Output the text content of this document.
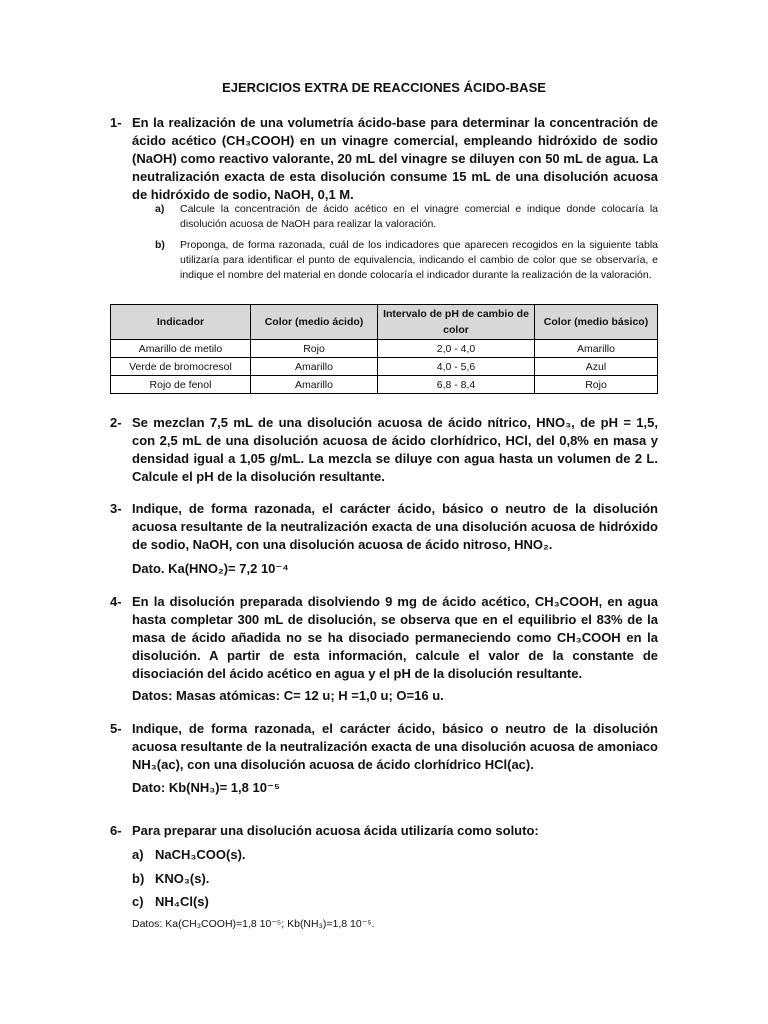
EJERCICIOS EXTRA DE REACCIONES ÁCIDO-BASE
1- En la realización de una volumetría ácido-base para determinar la concentración de ácido acético (CH₃COOH) en un vinagre comercial, empleando hidróxido de sodio (NaOH) como reactivo valorante, 20 mL del vinagre se diluyen con 50 mL de agua. La neutralización exacta de esta disolución consume 15 mL de una disolución acuosa de hidróxido de sodio, NaOH, 0,1 M.

a) Calcule la concentración de ácido acético en el vinagre comercial e indique donde colocaría la disolución acuosa de NaOH para realizar la valoración.
b) Proponga, de forma razonada, cuál de los indicadores que aparecen recogidos en la siguiente tabla utilizaría para identificar el punto de equivalencia, indicando el cambio de color que se observaría, e indique el nombre del material en donde colocaría el indicador durante la realización de la valoración.
Indicador	Color (medio ácido)	Intervalo de pH de cambio de color	Color (medio básico)
Amarillo de metilo	Rojo	2,0 - 4,0	Amarillo
Verde de bromocresol	Amarillo	4,0 - 5,6	Azul
Rojo de fenol	Amarillo	6,8 - 8,4	Rojo
2- Se mezclan 7,5 mL de una disolución acuosa de ácido nítrico, HNO₃, de pH = 1,5, con 2,5 mL de una disolución acuosa de ácido clorhídrico, HCl, del 0,8% en masa y densidad igual a 1,05 g/mL. La mezcla se diluye con agua hasta un volumen de 2 L. Calcule el pH de la disolución resultante.

3- Indique, de forma razonada, el carácter ácido, básico o neutro de la disolución acuosa resultante de la neutralización exacta de una disolución acuosa de hidróxido de sodio, NaOH, con una disolución acuosa de ácido nitroso, HNO₂.

Dato. Ka(HNO₂)= 7,2 10⁻⁴
4- En la disolución preparada disolviendo 9 mg de ácido acético, CH₃COOH, en agua hasta completar 300 mL de disolución, se observa que en el equilibrio el 83% de la masa de ácido añadida no se ha disociado permaneciendo como CH₃COOH en la disolución. A partir de esta información, calcule el valor de la constante de disociación del ácido acético en agua y el pH de la disolución resultante.

Datos: Masas atómicas: C= 12 u; H =1,0 u; O=16 u.
5- Indique, de forma razonada, el carácter ácido, básico o neutro de la disolución acuosa resultante de la neutralización exacta de una disolución acuosa de amoniaco NH₃(ac), con una disolución acuosa de ácido clorhídrico HCl(ac).

Dato: Kb(NH₃)= 1,8 10⁻⁵
6- Para preparar una disolución acuosa ácida utilizaría como soluto:

a) NaCH₃COO(s).
b) KNO₃(s).
c) NH₄Cl(s)
Datos: Ka(CH₃COOH)=1,8 10⁻⁵; Kb(NH₃)=1,8 10⁻⁵.
